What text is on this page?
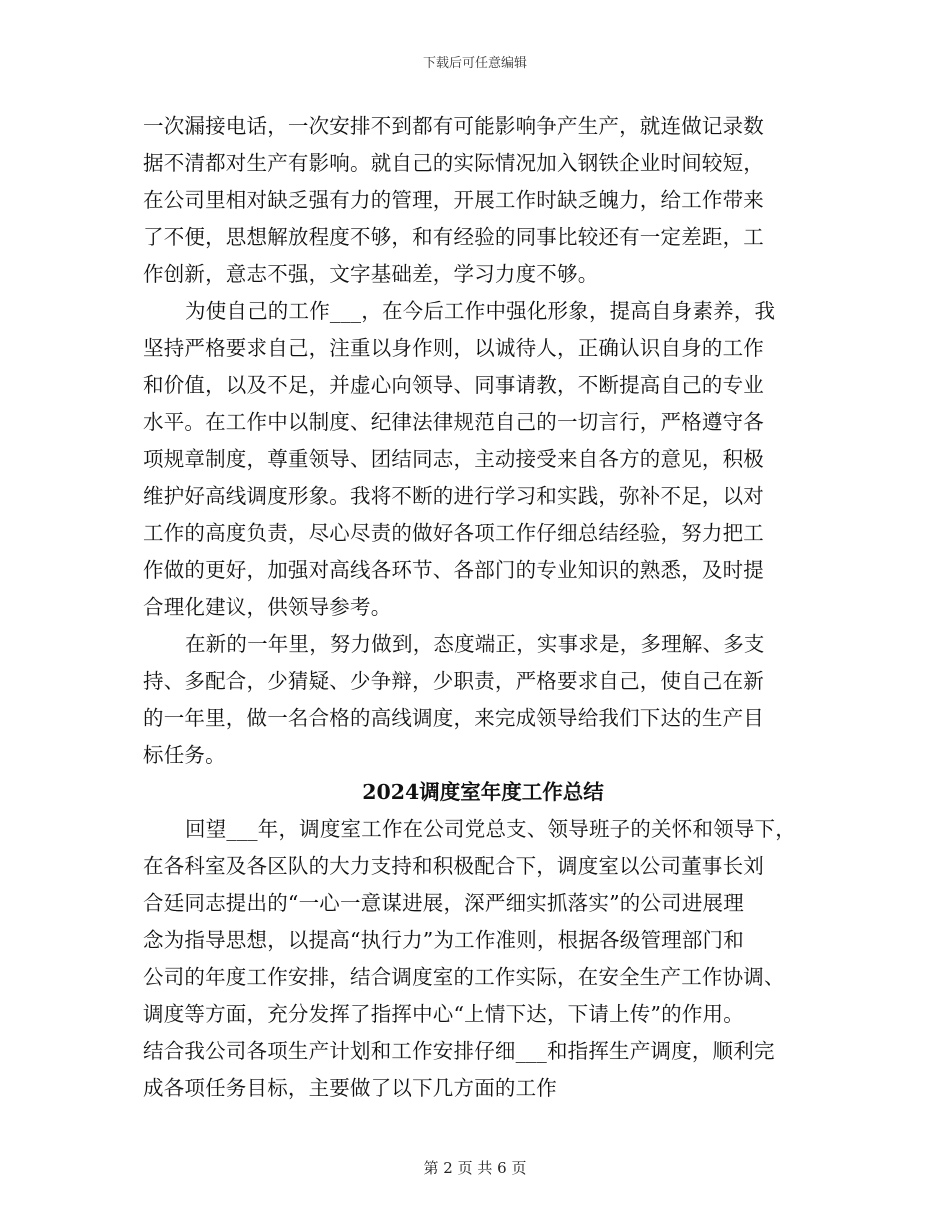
下载后可任意编辑
一次漏接电话，一次安排不到都有可能影响争产生产，就连做记录数
据不清都对生产有影响。就自己的实际情况加入钢铁企业时间较短，
在公司里相对缺乏强有力的管理，开展工作时缺乏魄力，给工作带来
了不便，思想解放程度不够，和有经验的同事比较还有一定差距，工
作创新，意志不强，文字基础差，学习力度不够。
为使自己的工作___，在今后工作中强化形象，提高自身素养，我
坚持严格要求自己，注重以身作则，以诚待人，正确认识自身的工作
和价值，以及不足，并虚心向领导、同事请教，不断提高自己的专业
水平。在工作中以制度、纪律法律规范自己的一切言行，严格遵守各
项规章制度，尊重领导、团结同志，主动接受来自各方的意见，积极
维护好高线调度形象。我将不断的进行学习和实践，弥补不足，以对
工作的高度负责，尽心尽责的做好各项工作仔细总结经验，努力把工
作做的更好，加强对高线各环节、各部门的专业知识的熟悉，及时提
合理化建议，供领导参考。
在新的一年里，努力做到，态度端正，实事求是，多理解、多支
持、多配合，少猜疑、少争辩，少职责，严格要求自己，使自己在新
的一年里，做一名合格的高线调度，来完成领导给我们下达的生产目
标任务。
2024调度室年度工作总结
回望___年，调度室工作在公司党总支、领导班子的关怀和领导下，
在各科室及各区队的大力支持和积极配合下，调度室以公司董事长刘
合廷同志提出的“一心一意谋进展，深严细实抓落实”的公司进展理
念为指导思想，以提高“执行力”为工作准则，根据各级管理部门和
公司的年度工作安排，结合调度室的工作实际，在安全生产工作协调、
调度等方面，充分发挥了指挥中心“上情下达，下请上传”的作用。
结合我公司各项生产计划和工作安排仔细___和指挥生产调度，顺利完
成各项任务目标，主要做了以下几方面的工作
第 2 页 共 6 页
